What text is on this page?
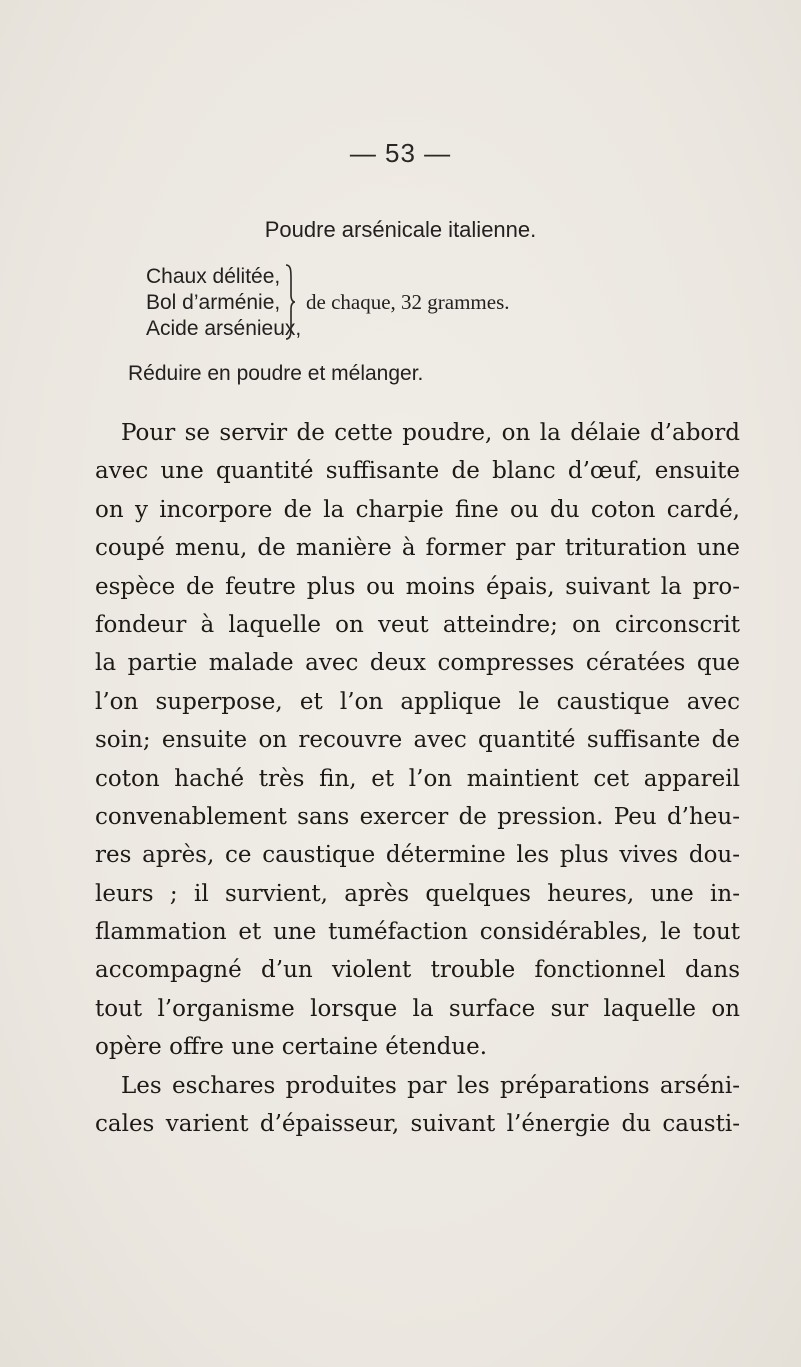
— 53 —
Poudre arsénicale italienne.
Chaux délitée,
Bol d’arménie,
Acide arsénieux,
de chaque, 32 grammes.
Réduire en poudre et mélanger.
Pour se servir de cette poudre, on la délaie d’abord
avec une quantité suffisante de blanc d’œuf, ensuite
on y incorpore de la charpie fine ou du coton cardé,
coupé menu, de manière à former par trituration une
espèce de feutre plus ou moins épais, suivant la pro-
fondeur à laquelle on veut atteindre; on circonscrit
la partie malade avec deux compresses cératées que
l’on superpose, et l’on applique le caustique avec
soin; ensuite on recouvre avec quantité suffisante de
coton haché très fin, et l’on maintient cet appareil
convenablement sans exercer de pression. Peu d’heu-
res après, ce caustique détermine les plus vives dou-
leurs ; il survient, après quelques heures, une in-
flammation et une tuméfaction considérables, le tout
accompagné d’un violent trouble fonctionnel dans
tout l’organisme lorsque la surface sur laquelle on
opère offre une certaine étendue.
Les eschares produites par les préparations arséni-
cales varient d’épaisseur, suivant l’énergie du causti-
